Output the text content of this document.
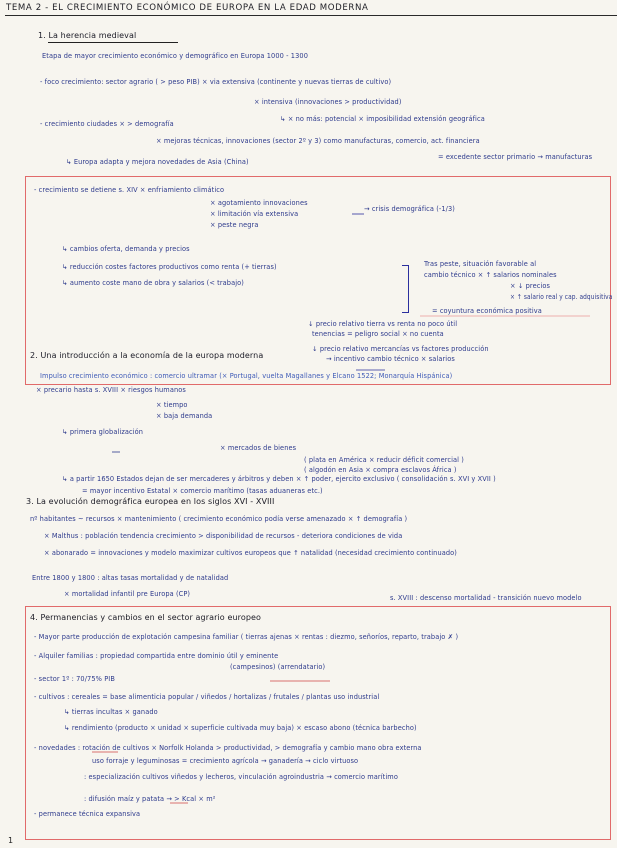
TEMA 2 - EL CRECIMIENTO ECONÓMICO DE EUROPA EN LA EDAD MODERNA
1. La herencia medieval
Etapa de mayor crecimiento económico y demográfico en Europa 1000 - 1300
- foco crecimiento: sector agrario ( > peso PIB) × via extensiva (continente y nuevas tierras de cultivo)
× intensiva (innovaciones > productividad)
↳ × no más: potencial × imposibilidad extensión geográfica
- crecimiento ciudades × > demografía
× mejoras técnicas, innovaciones (sector 2º y 3) como manufacturas, comercio, act. financiera
= excedente sector primario → manufacturas
↳ Europa adapta y mejora novedades de Asia (China)
- crecimiento se detiene s. XIV × enfriamiento climático
× agotamiento innovaciones
× limitación vía extensiva
× peste negra
→ crisis demográfica (-1/3)
↳ cambios oferta, demanda y precios
↳ reducción costes factores productivos como renta (+ tierras)
↳ aumento coste mano de obra y salarios (< trabajo)
Tras peste, situación favorable al
cambio técnico × ↑ salarios nominales
× ↓ precios
× ↑ salario real y cap. adquisitiva
= coyuntura económica positiva
↓ precio relativo tierra vs renta no poco útil
tenencias = peligro social × no cuenta
↓ precio relativo mercancías vs factores producción
→ incentivo cambio técnico × salarios
2. Una introducción a la economía de la europa moderna
Impulso crecimiento económico : comercio ultramar (× Portugal, vuelta Magallanes y Elcano 1522; Monarquía Hispánica)
× precario hasta s. XVIII × riesgos humanos
× tiempo
× baja demanda
↳ primera globalización
× mercados de bienes
( plata en América × reducir déficit comercial )
( algodón en Asia × compra esclavos África )
↳ a partir 1650 Estados dejan de ser mercaderes y árbitros y deben × ↑ poder, ejercito exclusivo ( consolidación s. XVI y XVII )
= mayor incentivo Estatal × comercio marítimo (tasas aduaneras etc.)
3. La evolución demográfica europea en los siglos XVI - XVIII
nº habitantes ~ recursos × mantenimiento ( crecimiento económico podía verse amenazado × ↑ demografía )
× Malthus : población tendencia crecimiento > disponibilidad de recursos - deteriora condiciones de vida
× abonarado = innovaciones y modelo maximizar cultivos europeos que ↑ natalidad (necesidad crecimiento continuado)
Entre 1800 y 1800 : altas tasas mortalidad y de natalidad
× mortalidad infantil pre Europa (CP)	s. XVIII : descenso mortalidad - transición nuevo modelo
4. Permanencias y cambios en el sector agrario europeo
- Mayor parte producción de explotación campesina familiar ( tierras ajenas × rentas : diezmo, señoríos, reparto, trabajo ✗ )
- Alquiler familias : propiedad compartida entre dominio útil y eminente
(campesinos) (arrendatario)
- sector 1º : 70/75% PIB
- cultivos : cereales = base alimenticia popular / viñedos / hortalizas / frutales / plantas uso industrial
↳ tierras incultas × ganado
↳ rendimiento (producto × unidad × superficie cultivada muy baja) × escaso abono (técnica barbecho)
- novedades : rotación de cultivos × Norfolk Holanda > productividad, > demografía y cambio mano obra externa
uso forraje y leguminosas = crecimiento agrícola → ganadería → ciclo virtuoso
: especialización cultivos viñedos y lecheros, vinculación agroindustria → comercio marítimo
: difusión maíz y patata → > Kcal × m²
- permanece técnica expansiva
1
